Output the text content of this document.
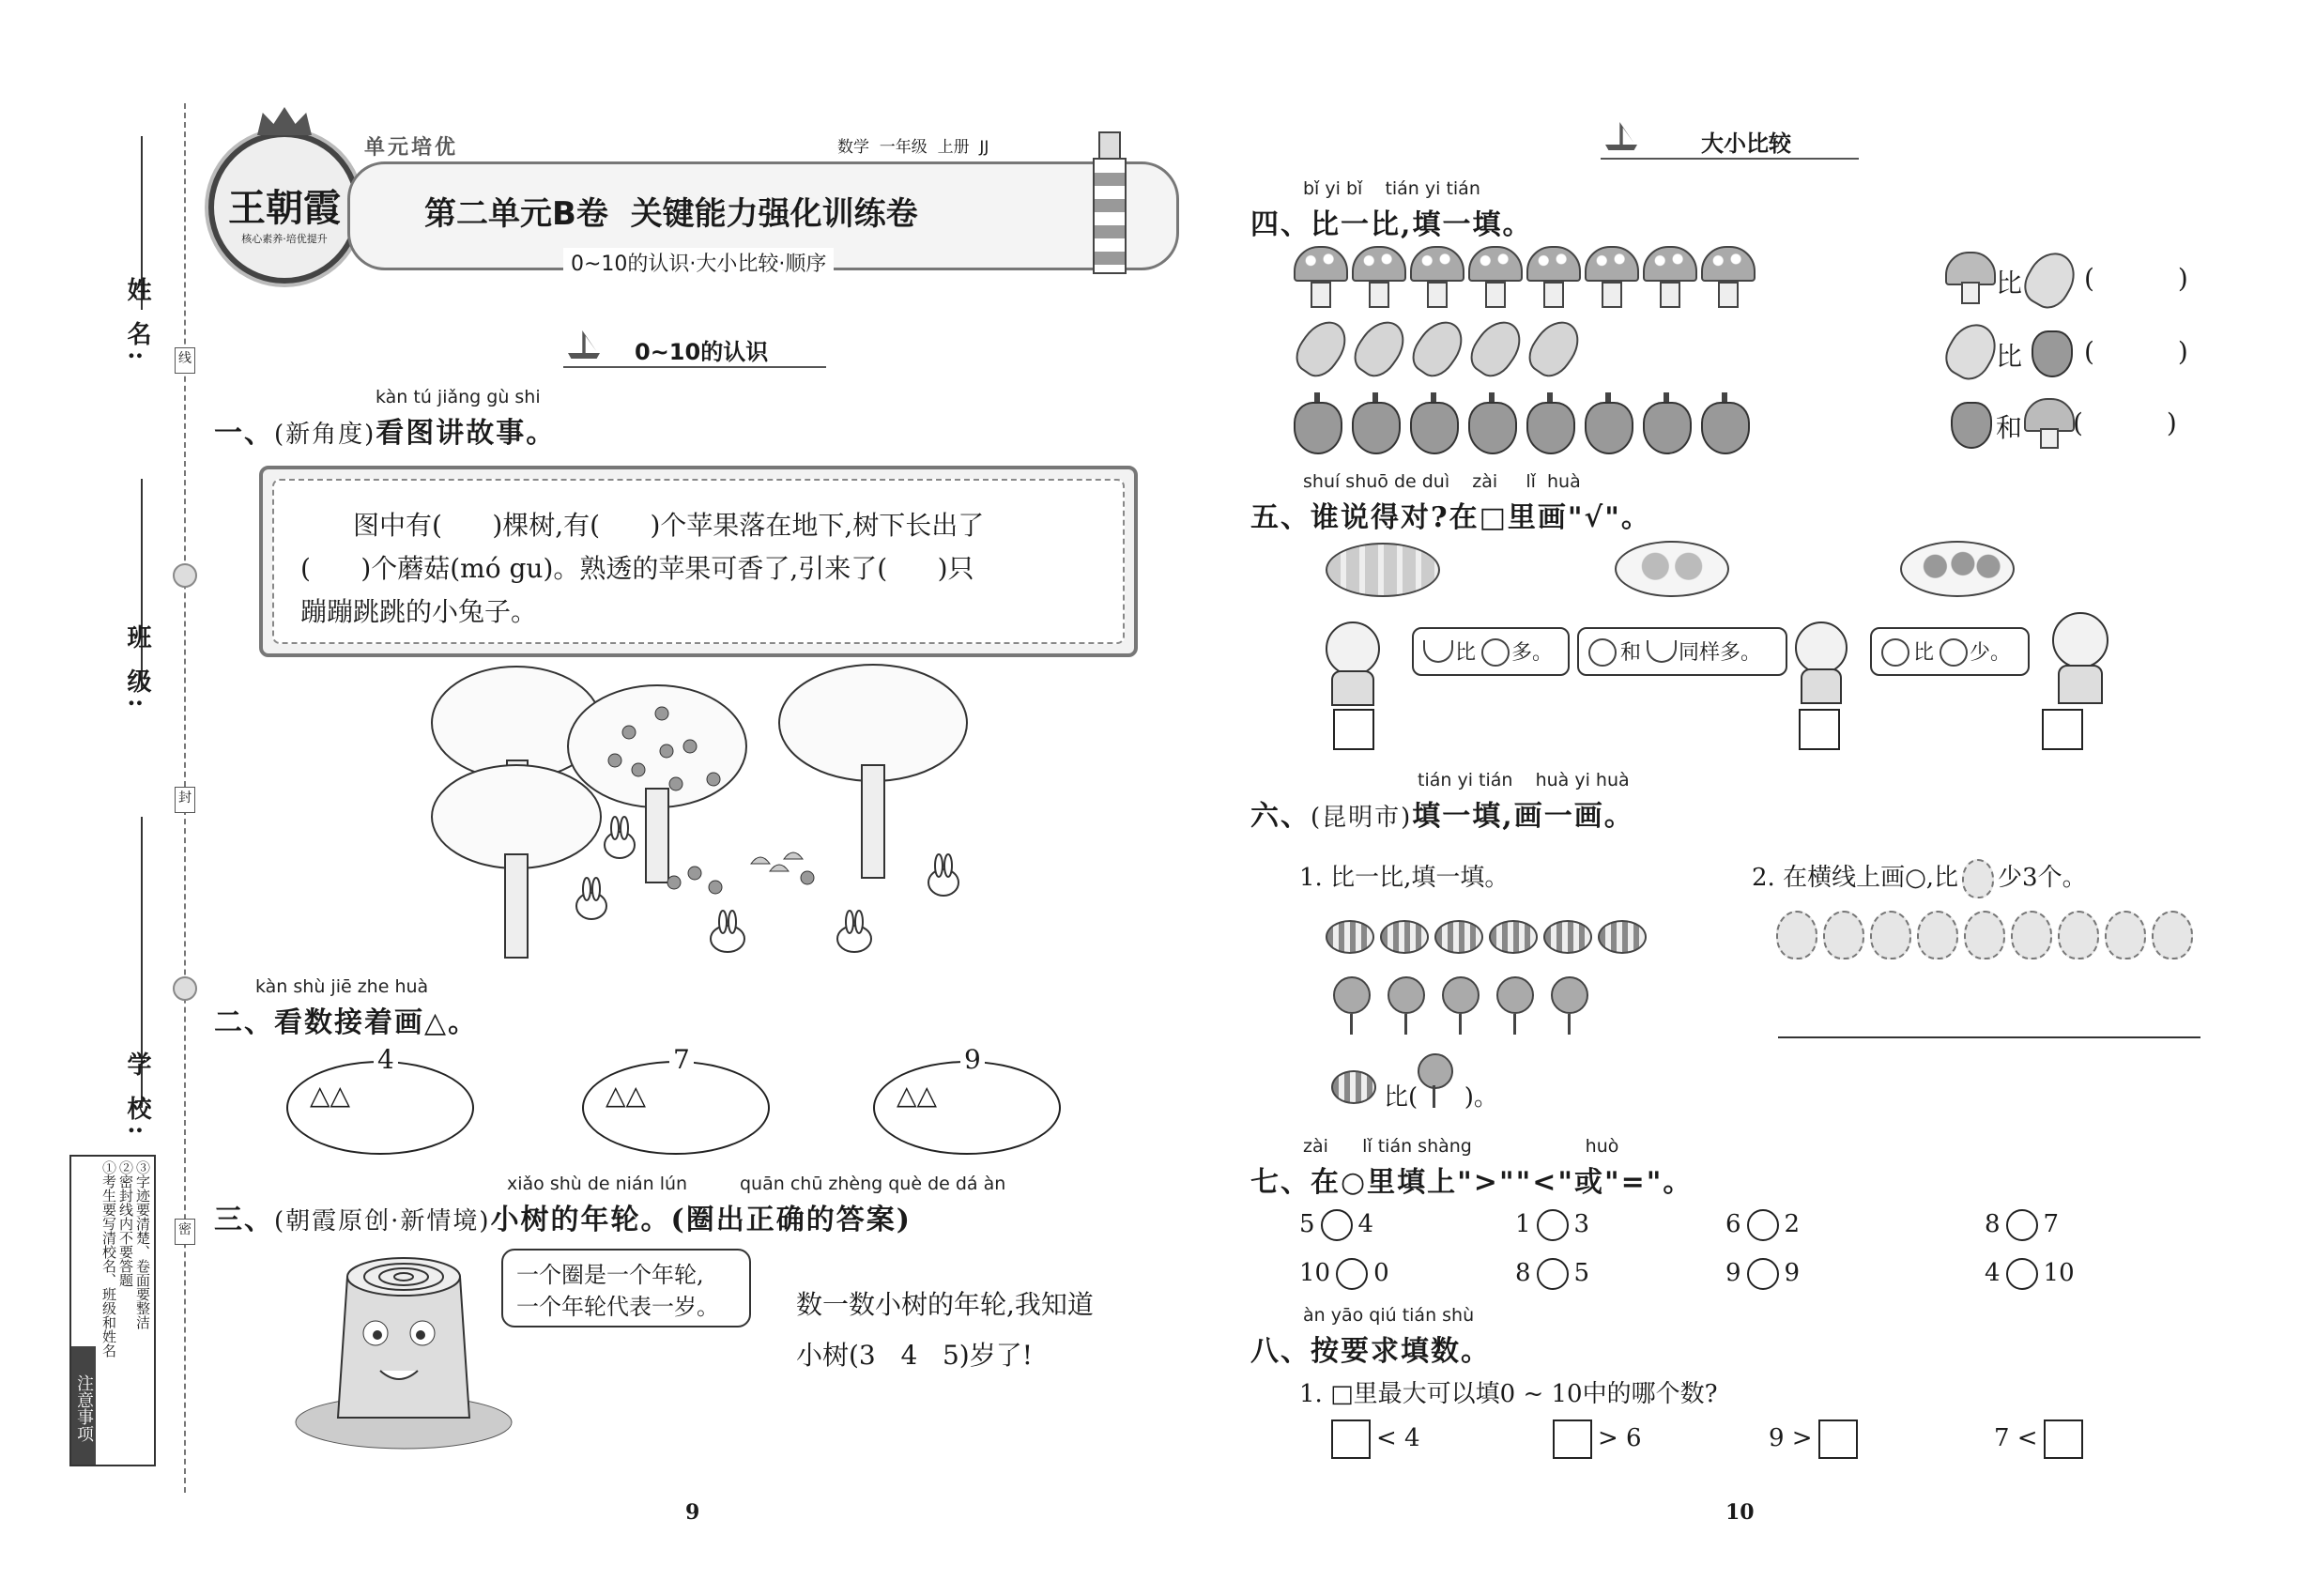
线
封
密
姓 名:
班 级:
学 校:
注意事项
①考生要写清校名、班级和姓名 ②密封线内不要答题 ③字迹要清楚、卷面要整洁
王朝霞
核心素养·培优提升
单元培优	数学  一年级  上册  JJ
第二单元B卷  关键能力强化训练卷
0~10的认识·大小比较·顺序
0~10的认识
kàn tú jiǎng gù shi
一、(新角度)看图讲故事。
图中有(      )棵树,有(      )个苹果落在地下,树下长出了
(      )个蘑菇(mó gu)。熟透的苹果可香了,引来了(      )只
蹦蹦跳跳的小兔子。
kàn shù jiē zhe huà
二、看数接着画△。
4
△△
7
△△
9
△△
xiǎo shù de nián lún	quān chū zhèng què de dá àn
三、(朝霞原创·新情境)小树的年轮。(圈出正确的答案)
一个圈是一个年轮,
一个年轮代表一岁。	数一数小树的年轮,我知道
小树(3   4   5)岁了!
9
大小比较
bǐ yi bǐ    tián yi tián
四、比一比,填一填。
比 (          )
比 (          )
和 (          )
shuí shuō de duì    zài     lǐ  huà
五、谁说得对?在□里画"√"。
比 多。	和 同样多。	比 少。
tián yi tián    huà yi huà
六、(昆明市)填一填,画一画。
1. 比一比,填一填。
比(      )。
2. 在横线上画○,比 少3个。
zài      lǐ tián shàng                    huò
七、在○里填上">""<"或"="。
5 4	1 3	6 2	8 7
10 0	8 5	9 9	4 10
àn yāo qiú tián shù
八、按要求填数。
1. □里最大可以填0 ~ 10中的哪个数?
< 4	> 6	9 >	7 <
10
